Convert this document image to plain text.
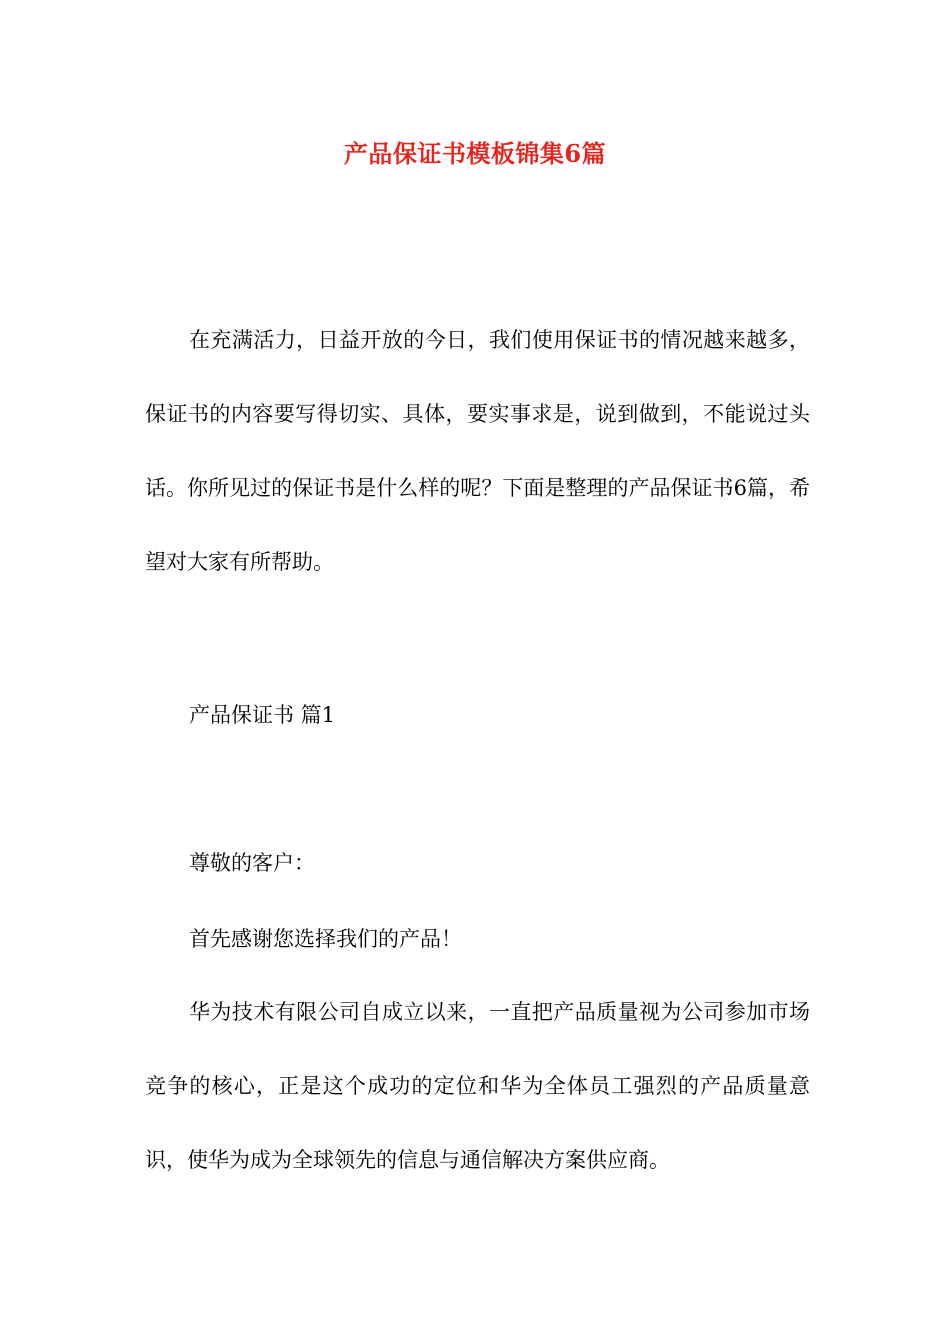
产品保证书模板锦集6篇
在充满活力，日益开放的今日，我们使用保证书的情况越来越多，保证书的内容要写得切实、具体，要实事求是，说到做到，不能说过头话。你所见过的保证书是什么样的呢？下面是整理的产品保证书6篇，希望对大家有所帮助。
产品保证书 篇1
尊敬的客户：
首先感谢您选择我们的产品！
华为技术有限公司自成立以来，一直把产品质量视为公司参加市场竞争的核心，正是这个成功的定位和华为全体员工强烈的产品质量意识，使华为成为全球领先的信息与通信解决方案供应商。
